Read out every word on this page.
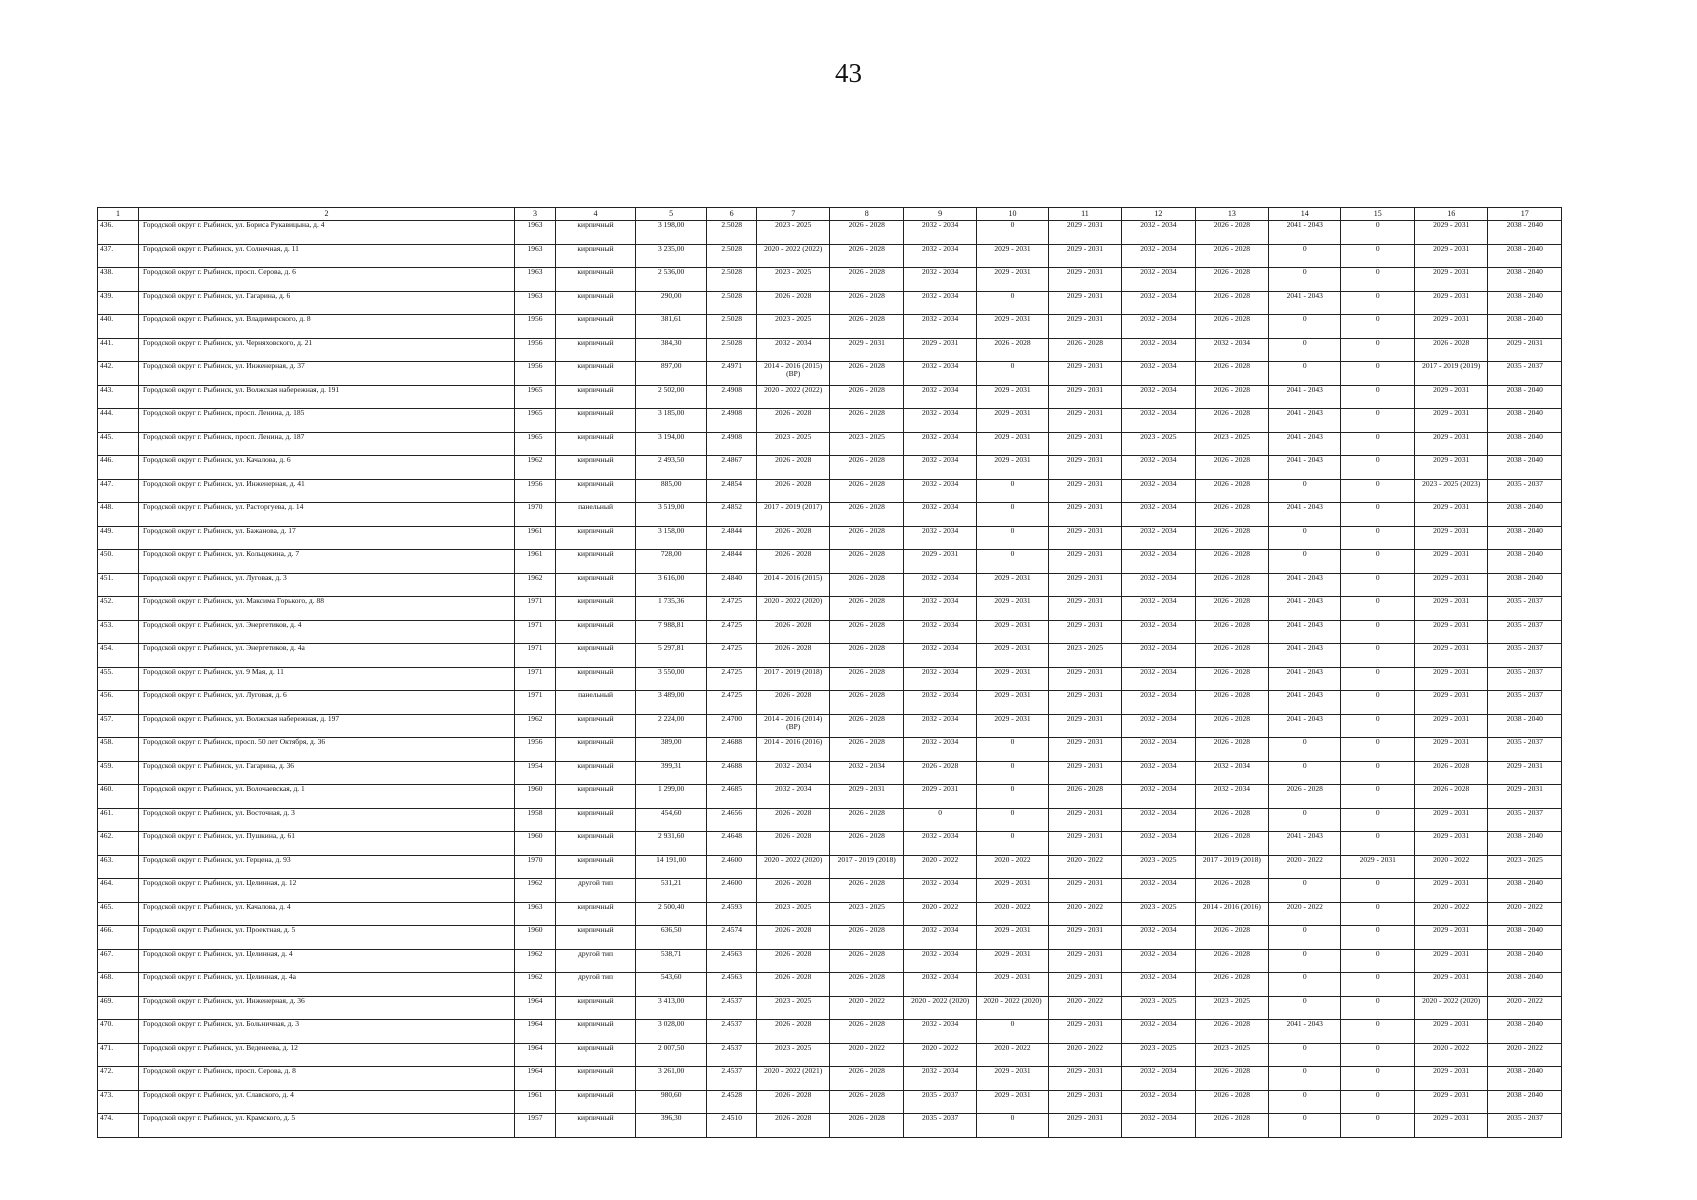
43
1	2	3	4	5	6	7	8	9	10	11	12	13	14	15	16	17
436.	Городской округ г. Рыбинск, ул. Бориса Рукавицына, д. 4	1963	кирпичный	3 198,00	2.5028	2023 - 2025	2026 - 2028	2032 - 2034	0	2029 - 2031	2032 - 2034	2026 - 2028	2041 - 2043	0	2029 - 2031	2038 - 2040
437.	Городской округ г. Рыбинск, ул. Солнечная, д. 11	1963	кирпичный	3 235,00	2.5028	2020 - 2022 (2022)	2026 - 2028	2032 - 2034	2029 - 2031	2029 - 2031	2032 - 2034	2026 - 2028	0	0	2029 - 2031	2038 - 2040
438.	Городской округ г. Рыбинск, просп. Серова, д. 6	1963	кирпичный	2 536,00	2.5028	2023 - 2025	2026 - 2028	2032 - 2034	2029 - 2031	2029 - 2031	2032 - 2034	2026 - 2028	0	0	2029 - 2031	2038 - 2040
439.	Городской округ г. Рыбинск, ул. Гагарина, д. 6	1963	кирпичный	290,00	2.5028	2026 - 2028	2026 - 2028	2032 - 2034	0	2029 - 2031	2032 - 2034	2026 - 2028	2041 - 2043	0	2029 - 2031	2038 - 2040
440.	Городской округ г. Рыбинск, ул. Владимирского, д. 8	1956	кирпичный	381,61	2.5028	2023 - 2025	2026 - 2028	2032 - 2034	2029 - 2031	2029 - 2031	2032 - 2034	2026 - 2028	0	0	2029 - 2031	2038 - 2040
441.	Городской округ г. Рыбинск, ул. Черняховского, д. 21	1956	кирпичный	384,30	2.5028	2032 - 2034	2029 - 2031	2029 - 2031	2026 - 2028	2026 - 2028	2032 - 2034	2032 - 2034	0	0	2026 - 2028	2029 - 2031
442.	Городской округ г. Рыбинск, ул. Инженерная, д. 37	1956	кирпичный	897,00	2.4971	2014 - 2016 (2015) (ВР)	2026 - 2028	2032 - 2034	0	2029 - 2031	2032 - 2034	2026 - 2028	0	0	2017 - 2019 (2019)	2035 - 2037
443.	Городской округ г. Рыбинск, ул. Волжская набережная, д. 191	1965	кирпичный	2 502,00	2.4908	2020 - 2022 (2022)	2026 - 2028	2032 - 2034	2029 - 2031	2029 - 2031	2032 - 2034	2026 - 2028	2041 - 2043	0	2029 - 2031	2038 - 2040
444.	Городской округ г. Рыбинск, просп. Ленина, д. 185	1965	кирпичный	3 185,00	2.4908	2026 - 2028	2026 - 2028	2032 - 2034	2029 - 2031	2029 - 2031	2032 - 2034	2026 - 2028	2041 - 2043	0	2029 - 2031	2038 - 2040
445.	Городской округ г. Рыбинск, просп. Ленина, д. 187	1965	кирпичный	3 194,00	2.4908	2023 - 2025	2023 - 2025	2032 - 2034	2029 - 2031	2029 - 2031	2023 - 2025	2023 - 2025	2041 - 2043	0	2029 - 2031	2038 - 2040
446.	Городской округ г. Рыбинск, ул. Качалова, д. 6	1962	кирпичный	2 493,50	2.4867	2026 - 2028	2026 - 2028	2032 - 2034	2029 - 2031	2029 - 2031	2032 - 2034	2026 - 2028	2041 - 2043	0	2029 - 2031	2038 - 2040
447.	Городской округ г. Рыбинск, ул. Инженерная, д. 41	1956	кирпичный	885,00	2.4854	2026 - 2028	2026 - 2028	2032 - 2034	0	2029 - 2031	2032 - 2034	2026 - 2028	0	0	2023 - 2025 (2023)	2035 - 2037
448.	Городской округ г. Рыбинск, ул. Расторгуева, д. 14	1970	панельный	3 519,00	2.4852	2017 - 2019 (2017)	2026 - 2028	2032 - 2034	0	2029 - 2031	2032 - 2034	2026 - 2028	2041 - 2043	0	2029 - 2031	2038 - 2040
449.	Городской округ г. Рыбинск, ул. Бажанова, д. 17	1961	кирпичный	3 158,00	2.4844	2026 - 2028	2026 - 2028	2032 - 2034	0	2029 - 2031	2032 - 2034	2026 - 2028	0	0	2029 - 2031	2038 - 2040
450.	Городской округ г. Рыбинск, ул. Кольцекина, д. 7	1961	кирпичный	728,00	2.4844	2026 - 2028	2026 - 2028	2029 - 2031	0	2029 - 2031	2032 - 2034	2026 - 2028	0	0	2029 - 2031	2038 - 2040
451.	Городской округ г. Рыбинск, ул. Луговая, д. 3	1962	кирпичный	3 616,00	2.4840	2014 - 2016 (2015)	2026 - 2028	2032 - 2034	2029 - 2031	2029 - 2031	2032 - 2034	2026 - 2028	2041 - 2043	0	2029 - 2031	2038 - 2040
452.	Городской округ г. Рыбинск, ул. Максима Горького, д. 88	1971	кирпичный	1 735,36	2.4725	2020 - 2022 (2020)	2026 - 2028	2032 - 2034	2029 - 2031	2029 - 2031	2032 - 2034	2026 - 2028	2041 - 2043	0	2029 - 2031	2035 - 2037
453.	Городской округ г. Рыбинск, ул. Энергетиков, д. 4	1971	кирпичный	7 988,81	2.4725	2026 - 2028	2026 - 2028	2032 - 2034	2029 - 2031	2029 - 2031	2032 - 2034	2026 - 2028	2041 - 2043	0	2029 - 2031	2035 - 2037
454.	Городской округ г. Рыбинск, ул. Энергетиков, д. 4а	1971	кирпичный	5 297,81	2.4725	2026 - 2028	2026 - 2028	2032 - 2034	2029 - 2031	2023 - 2025	2032 - 2034	2026 - 2028	2041 - 2043	0	2029 - 2031	2035 - 2037
455.	Городской округ г. Рыбинск, ул. 9 Мая, д. 11	1971	кирпичный	3 550,00	2.4725	2017 - 2019 (2018)	2026 - 2028	2032 - 2034	2029 - 2031	2029 - 2031	2032 - 2034	2026 - 2028	2041 - 2043	0	2029 - 2031	2035 - 2037
456.	Городской округ г. Рыбинск, ул. Луговая, д. 6	1971	панельный	3 489,00	2.4725	2026 - 2028	2026 - 2028	2032 - 2034	2029 - 2031	2029 - 2031	2032 - 2034	2026 - 2028	2041 - 2043	0	2029 - 2031	2035 - 2037
457.	Городской округ г. Рыбинск, ул. Волжская набережная, д. 197	1962	кирпичный	2 224,00	2.4700	2014 - 2016 (2014) (ВР)	2026 - 2028	2032 - 2034	2029 - 2031	2029 - 2031	2032 - 2034	2026 - 2028	2041 - 2043	0	2029 - 2031	2038 - 2040
458.	Городской округ г. Рыбинск, просп. 50 лет Октября, д. 36	1956	кирпичный	389,00	2.4688	2014 - 2016 (2016)	2026 - 2028	2032 - 2034	0	2029 - 2031	2032 - 2034	2026 - 2028	0	0	2029 - 2031	2035 - 2037
459.	Городской округ г. Рыбинск, ул. Гагарина, д. 36	1954	кирпичный	399,31	2.4688	2032 - 2034	2032 - 2034	2026 - 2028	0	2029 - 2031	2032 - 2034	2032 - 2034	0	0	2026 - 2028	2029 - 2031
460.	Городской округ г. Рыбинск, ул. Волочаевская, д. 1	1960	кирпичный	1 299,00	2.4685	2032 - 2034	2029 - 2031	2029 - 2031	0	2026 - 2028	2032 - 2034	2032 - 2034	2026 - 2028	0	2026 - 2028	2029 - 2031
461.	Городской округ г. Рыбинск, ул. Восточная, д. 3	1958	кирпичный	454,60	2.4656	2026 - 2028	2026 - 2028	0	0	2029 - 2031	2032 - 2034	2026 - 2028	0	0	2029 - 2031	2035 - 2037
462.	Городской округ г. Рыбинск, ул. Пушкина, д. 61	1960	кирпичный	2 931,60	2.4648	2026 - 2028	2026 - 2028	2032 - 2034	0	2029 - 2031	2032 - 2034	2026 - 2028	2041 - 2043	0	2029 - 2031	2038 - 2040
463.	Городской округ г. Рыбинск, ул. Герцена, д. 93	1970	кирпичный	14 191,00	2.4600	2020 - 2022 (2020)	2017 - 2019 (2018)	2020 - 2022	2020 - 2022	2020 - 2022	2023 - 2025	2017 - 2019 (2018)	2020 - 2022	2029 - 2031	2020 - 2022	2023 - 2025
464.	Городской округ г. Рыбинск, ул. Целинная, д. 12	1962	другой тип	531,21	2.4600	2026 - 2028	2026 - 2028	2032 - 2034	2029 - 2031	2029 - 2031	2032 - 2034	2026 - 2028	0	0	2029 - 2031	2038 - 2040
465.	Городской округ г. Рыбинск, ул. Качалова, д. 4	1963	кирпичный	2 500,40	2.4593	2023 - 2025	2023 - 2025	2020 - 2022	2020 - 2022	2020 - 2022	2023 - 2025	2014 - 2016 (2016)	2020 - 2022	0	2020 - 2022	2020 - 2022
466.	Городской округ г. Рыбинск, ул. Проектная, д. 5	1960	кирпичный	636,50	2.4574	2026 - 2028	2026 - 2028	2032 - 2034	2029 - 2031	2029 - 2031	2032 - 2034	2026 - 2028	0	0	2029 - 2031	2038 - 2040
467.	Городской округ г. Рыбинск, ул. Целинная, д. 4	1962	другой тип	538,71	2.4563	2026 - 2028	2026 - 2028	2032 - 2034	2029 - 2031	2029 - 2031	2032 - 2034	2026 - 2028	0	0	2029 - 2031	2038 - 2040
468.	Городской округ г. Рыбинск, ул. Целинная, д. 4а	1962	другой тип	543,60	2.4563	2026 - 2028	2026 - 2028	2032 - 2034	2029 - 2031	2029 - 2031	2032 - 2034	2026 - 2028	0	0	2029 - 2031	2038 - 2040
469.	Городской округ г. Рыбинск, ул. Инженерная, д. 36	1964	кирпичный	3 413,00	2.4537	2023 - 2025	2020 - 2022	2020 - 2022 (2020)	2020 - 2022 (2020)	2020 - 2022	2023 - 2025	2023 - 2025	0	0	2020 - 2022 (2020)	2020 - 2022
470.	Городской округ г. Рыбинск, ул. Больничная, д. 3	1964	кирпичный	3 028,00	2.4537	2026 - 2028	2026 - 2028	2032 - 2034	0	2029 - 2031	2032 - 2034	2026 - 2028	2041 - 2043	0	2029 - 2031	2038 - 2040
471.	Городской округ г. Рыбинск, ул. Веденеева, д. 12	1964	кирпичный	2 007,50	2.4537	2023 - 2025	2020 - 2022	2020 - 2022	2020 - 2022	2020 - 2022	2023 - 2025	2023 - 2025	0	0	2020 - 2022	2020 - 2022
472.	Городской округ г. Рыбинск, просп. Серова, д. 8	1964	кирпичный	3 261,00	2.4537	2020 - 2022 (2021)	2026 - 2028	2032 - 2034	2029 - 2031	2029 - 2031	2032 - 2034	2026 - 2028	0	0	2029 - 2031	2038 - 2040
473.	Городской округ г. Рыбинск, ул. Славского, д. 4	1961	кирпичный	980,60	2.4528	2026 - 2028	2026 - 2028	2035 - 2037	2029 - 2031	2029 - 2031	2032 - 2034	2026 - 2028	0	0	2029 - 2031	2038 - 2040
474.	Городской округ г. Рыбинск, ул. Крамского, д. 5	1957	кирпичный	396,30	2.4510	2026 - 2028	2026 - 2028	2035 - 2037	0	2029 - 2031	2032 - 2034	2026 - 2028	0	0	2029 - 2031	2035 - 2037
